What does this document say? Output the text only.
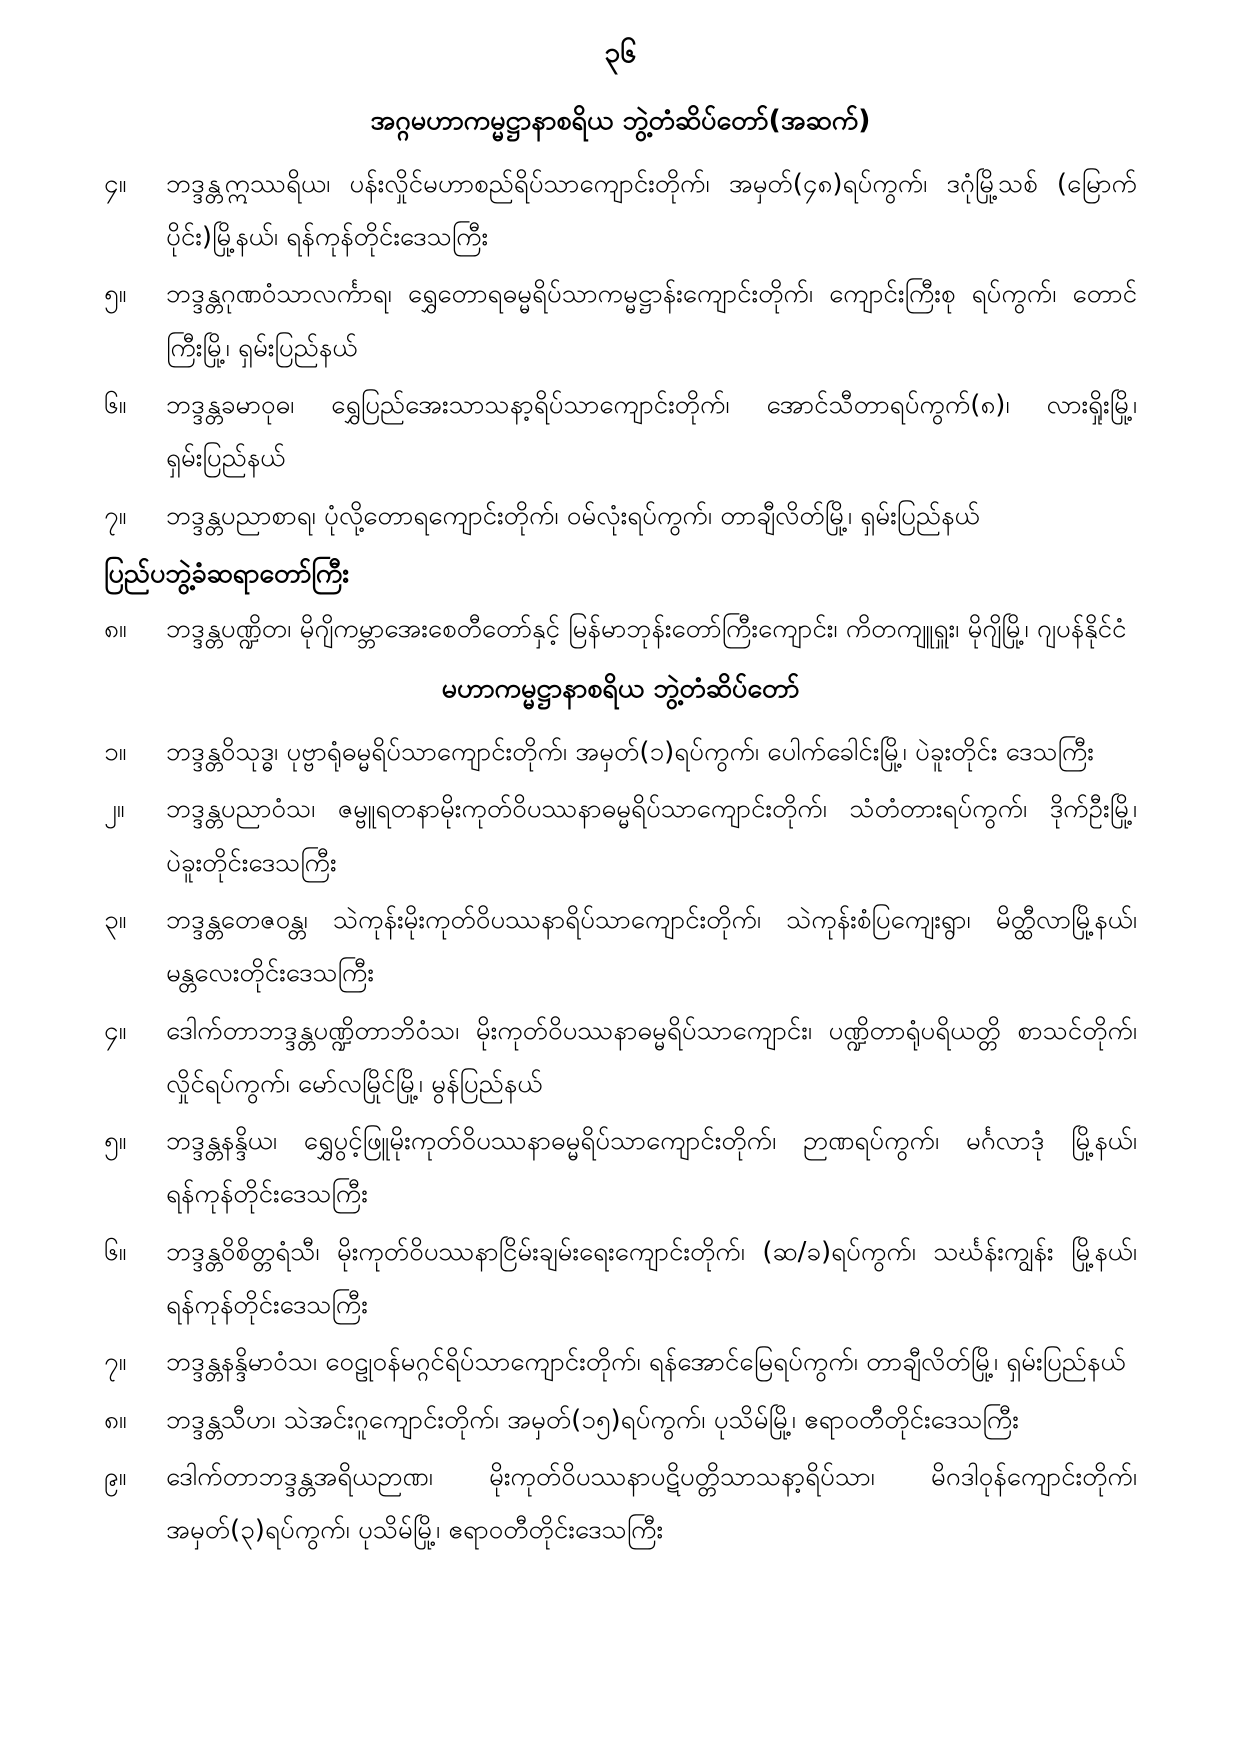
၃၆
အဂ္ဂမဟာကမ္မဋ္ဌာနာစရိယ ဘွဲ့တံဆိပ်တော်(အဆက်)
၄။	ဘဒ္ဒန္တဣဿရိယ၊ ပန်းလှိုင်မဟာစည်ရိပ်သာကျောင်းတိုက်၊ အမှတ်(၄၈)ရပ်ကွက်၊ ဒဂုံမြို့သစ် (မြောက်ပိုင်း)မြို့နယ်၊ ရန်ကုန်တိုင်းဒေသကြီး
၅။	ဘဒ္ဒန္တဂုဏဝံသာလင်္ကာရ၊ ရွှေတောရဓမ္မရိပ်သာကမ္မဋ္ဌာန်းကျောင်းတိုက်၊ ကျောင်းကြီးစု ရပ်ကွက်၊ တောင်ကြီးမြို့၊ ရှမ်းပြည်နယ်
၆။	ဘဒ္ဒန္တခမာဝုဓ၊ ရွှေပြည်အေးသာသနာ့ရိပ်သာကျောင်းတိုက်၊ အောင်သီတာရပ်ကွက်(၈)၊ လားရှိုးမြို့၊ ရှမ်းပြည်နယ်
၇။	ဘဒ္ဒန္တပညာစာရ၊ ပုံလို့တောရကျောင်းတိုက်၊ ဝမ်လုံးရပ်ကွက်၊ တာချီလိတ်မြို့၊ ရှမ်းပြည်နယ်
ပြည်ပဘွဲ့ခံဆရာတော်ကြီး
၈။	ဘဒ္ဒန္တပဏ္ဍိတ၊ မိုဂျိကမ္ဘာအေးစေတီတော်နှင့် မြန်မာဘုန်းတော်ကြီးကျောင်း၊ ကိတကျူရှူး၊ မိုဂျိမြို့၊ ဂျပန်နိုင်ငံ
မဟာကမ္မဋ္ဌာနာစရိယ ဘွဲ့တံဆိပ်တော်
၁။	ဘဒ္ဒန္တဝိသုဒ္ဓ၊ ပုဗ္ဗာရုံဓမ္မရိပ်သာကျောင်းတိုက်၊ အမှတ်(၁)ရပ်ကွက်၊ ပေါက်ခေါင်းမြို့၊ ပဲခူးတိုင်း ဒေသကြီး
၂။	ဘဒ္ဒန္တပညာဝံသ၊ ဇမ္ဗူရတနာမိုးကုတ်ဝိပဿနာဓမ္မရိပ်သာကျောင်းတိုက်၊ သံတံတားရပ်ကွက်၊ ဒိုက်ဦးမြို့၊ ပဲခူးတိုင်းဒေသကြီး
၃။	ဘဒ္ဒန္တတေဇဝန္တ၊ သဲကုန်းမိုးကုတ်ဝိပဿနာရိပ်သာကျောင်းတိုက်၊ သဲကုန်းစံပြကျေးရွာ၊ မိတ္ထီလာမြို့နယ်၊ မန္တလေးတိုင်းဒေသကြီး
၄။	ဒေါက်တာဘဒ္ဒန္တပဏ္ဍိတာဘိဝံသ၊ မိုးကုတ်ဝိပဿနာဓမ္မရိပ်သာကျောင်း၊ ပဏ္ဍိတာရုံပရိယတ္တိ စာသင်တိုက်၊ လှိုင်ရပ်ကွက်၊ မော်လမြိုင်မြို့၊ မွန်ပြည်နယ်
၅။	ဘဒ္ဒန္တနန္ဒိယ၊ ရွှေပွင့်ဖြူမိုးကုတ်ဝိပဿနာဓမ္မရိပ်သာကျောင်းတိုက်၊ ဉာဏရပ်ကွက်၊ မင်္ဂလာဒုံ မြို့နယ်၊ ရန်ကုန်တိုင်းဒေသကြီး
၆။	ဘဒ္ဒန္တဝိစိတ္တရံသီ၊ မိုးကုတ်ဝိပဿနာငြိမ်းချမ်းရေးကျောင်းတိုက်၊ (ဆ/ခ)ရပ်ကွက်၊ သင်္ဃန်းကျွန်း မြို့နယ်၊ ရန်ကုန်တိုင်းဒေသကြီး
၇။	ဘဒ္ဒန္တနန္ဒိမာဝံသ၊ ဝေဠုဝန်မဂ္ဂင်ရိပ်သာကျောင်းတိုက်၊ ရန်အောင်မြေရပ်ကွက်၊ တာချီလိတ်မြို့၊ ရှမ်းပြည်နယ်
၈။	ဘဒ္ဒန္တသီဟ၊ သဲအင်းဂူကျောင်းတိုက်၊ အမှတ်(၁၅)ရပ်ကွက်၊ ပုသိမ်မြို့၊ ဧရာဝတီတိုင်းဒေသကြီး
၉။	ဒေါက်တာဘဒ္ဒန္တအရိယဉာဏ၊ မိုးကုတ်ဝိပဿနာပဋိပတ္တိသာသနာ့ရိပ်သာ၊ မိဂဒါဝုန်ကျောင်းတိုက်၊ အမှတ်(၃)ရပ်ကွက်၊ ပုသိမ်မြို့၊ ဧရာဝတီတိုင်းဒေသကြီး
